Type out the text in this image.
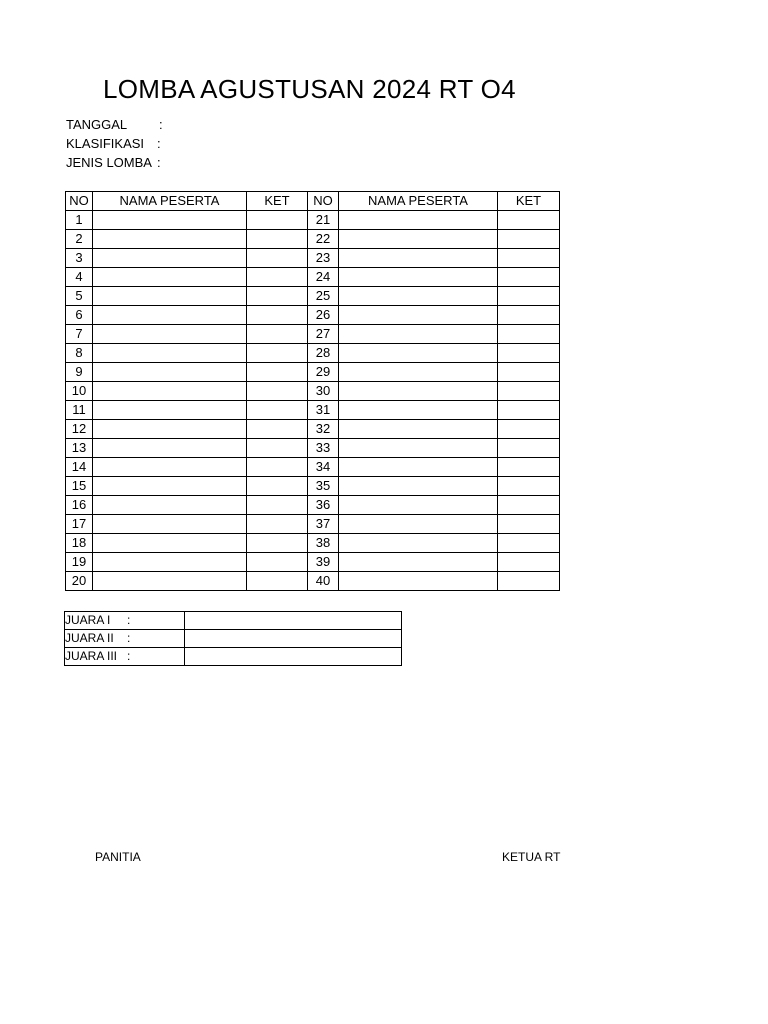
LOMBA AGUSTUSAN 2024 RT O4
TANGGAL :
KLASIFIKASI :
JENIS LOMBA :
NO	NAMA PESERTA	KET	NO	NAMA PESERTA	KET
1			21		
2			22		
3			23		
4			24		
5			25		
6			26		
7			27		
8			28		
9			29		
10			30		
11			31		
12			32		
13			33		
14			34		
15			35		
16			36		
17			37		
18			38		
19			39		
20			40		
JUARA I :	

JUARA II :	

JUARA III :	

PANITIA	KETUA RT
